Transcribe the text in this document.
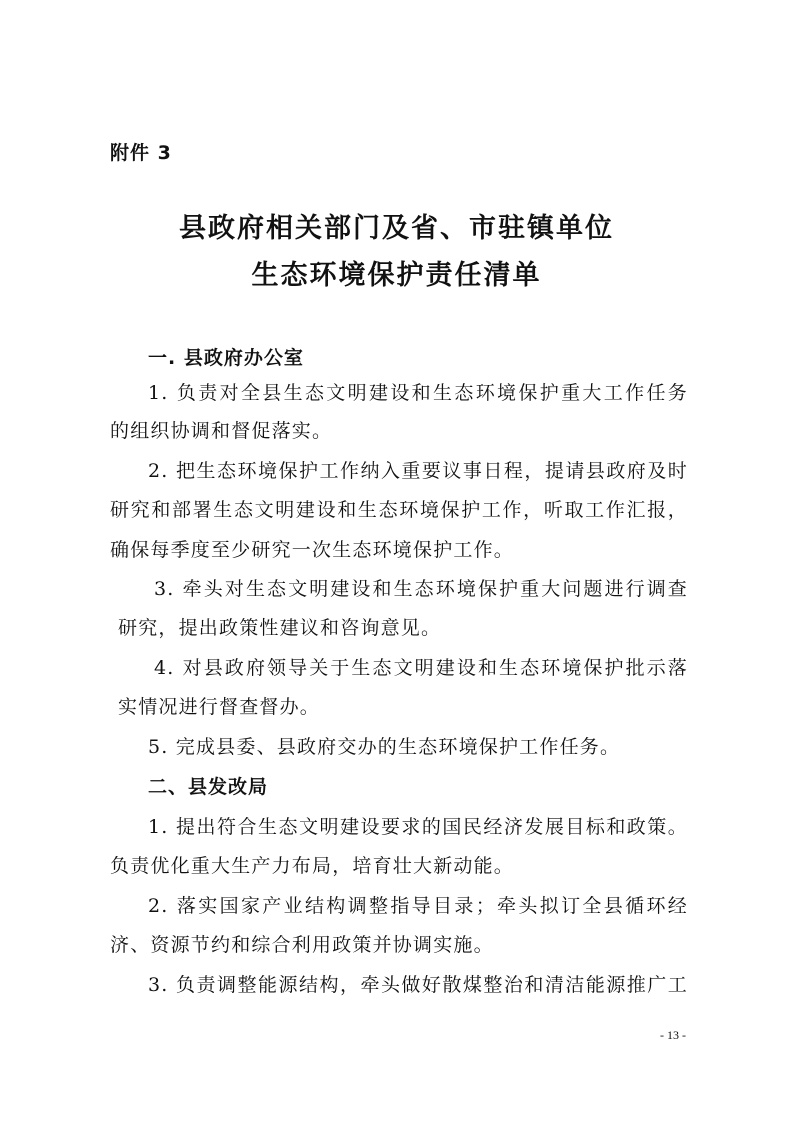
附件 3
县政府相关部门及省、市驻镇单位
生态环境保护责任清单
一. 县政府办公室
1. 负责对全县生态文明建设和生态环境保护重大工作任务
的组织协调和督促落实。
2. 把生态环境保护工作纳入重要议事日程，提请县政府及时
研究和部署生态文明建设和生态环境保护工作，听取工作汇报，
确保每季度至少研究一次生态环境保护工作。
3. 牵头对生态文明建设和生态环境保护重大问题进行调查
研究，提出政策性建议和咨询意见。
4. 对县政府领导关于生态文明建设和生态环境保护批示落
实情况进行督查督办。
5. 完成县委、县政府交办的生态环境保护工作任务。
二、县发改局
1. 提出符合生态文明建设要求的国民经济发展目标和政策。
负责优化重大生产力布局，培育壮大新动能。
2. 落实国家产业结构调整指导目录；牵头拟订全县循环经
济、资源节约和综合利用政策并协调实施。
3. 负责调整能源结构，牵头做好散煤整治和清洁能源推广工
- 13 -
